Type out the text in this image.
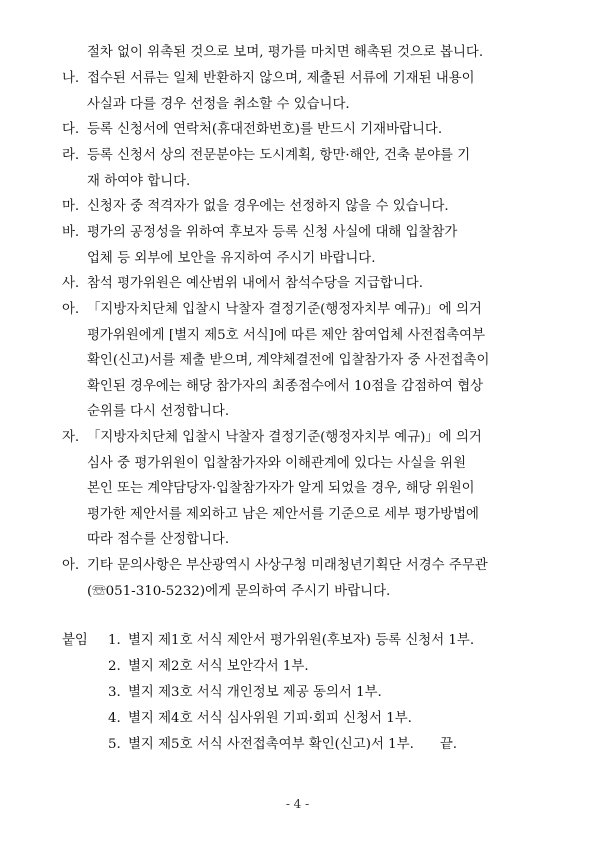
절차 없이 위촉된 것으로 보며, 평가를 마치면 해촉된 것으로 봅니다.
나. 접수된 서류는 일체 반환하지 않으며, 제출된 서류에 기재된 내용이
사실과 다를 경우 선정을 취소할 수 있습니다.
다. 등록 신청서에 연락처(휴대전화번호)를 반드시 기재바랍니다.
라. 등록 신청서 상의 전문분야는 도시계획, 항만·해안, 건축 분야를 기
재 하여야 합니다.
마. 신청자 중 적격자가 없을 경우에는 선정하지 않을 수 있습니다.
바. 평가의 공정성을 위하여 후보자 등록 신청 사실에 대해 입찰참가
업체 등 외부에 보안을 유지하여 주시기 바랍니다.
사. 참석 평가위원은 예산범위 내에서 참석수당을 지급합니다.
아. 「지방자치단체 입찰시 낙찰자 결정기준(행정자치부 예규)」에 의거
평가위원에게 [별지 제5호 서식]에 따른 제안 참여업체 사전접촉여부
확인(신고)서를 제출 받으며, 계약체결전에 입찰참가자 중 사전접촉이
확인된 경우에는 해당 참가자의 최종점수에서 10점을 감점하여 협상
순위를 다시 선정합니다.
자. 「지방자치단체 입찰시 낙찰자 결정기준(행정자치부 예규)」에 의거
심사 중 평가위원이 입찰참가자와 이해관계에 있다는 사실을 위원
본인 또는 계약담당자·입찰참가자가 알게 되었을 경우, 해당 위원이
평가한 제안서를 제외하고 남은 제안서를 기준으로 세부 평가방법에
따라 점수를 산정합니다.
아. 기타 문의사항은 부산광역시 사상구청 미래청년기획단 서경수 주무관
(☏051-310-5232)에게 문의하여 주시기 바랍니다.
붙임 1. 별지 제1호 서식 제안서 평가위원(후보자) 등록 신청서 1부.
2. 별지 제2호 서식 보안각서 1부.
3. 별지 제3호 서식 개인정보 제공 동의서 1부.
4. 별지 제4호 서식 심사위원 기피·회피 신청서 1부.
5. 별지 제5호 서식 사전접촉여부 확인(신고)서 1부. 끝.
- 4 -
